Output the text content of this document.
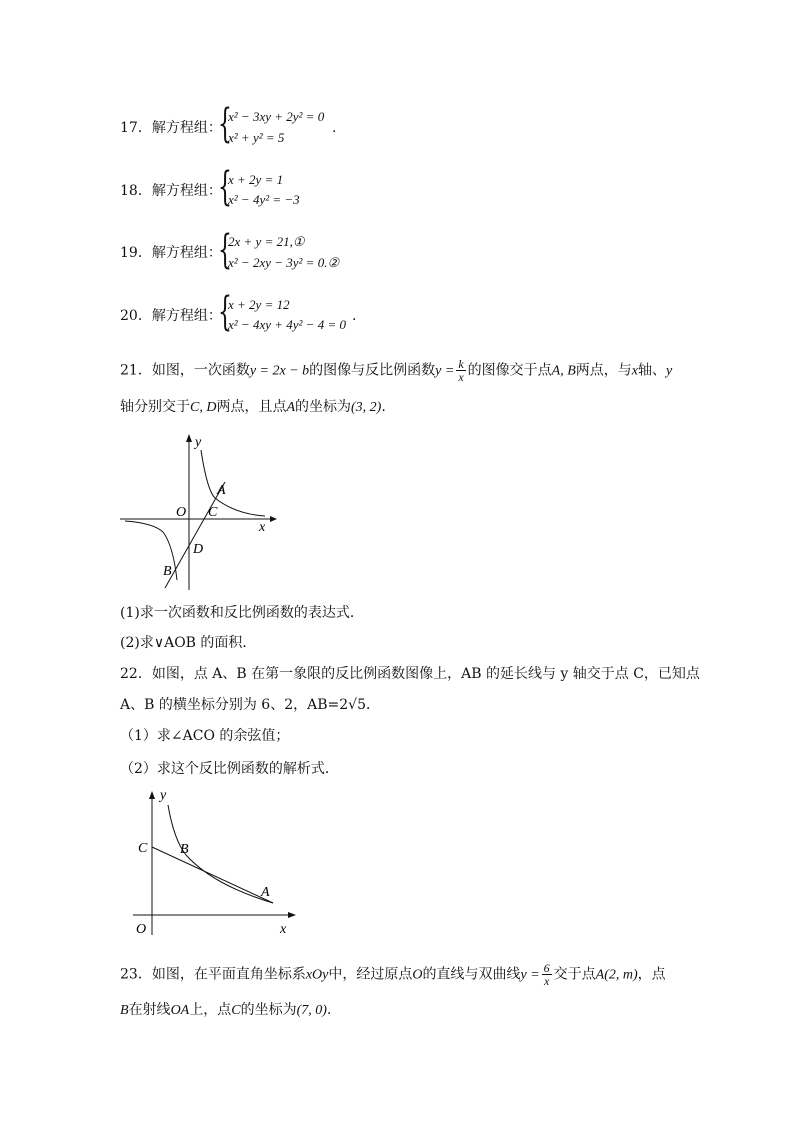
17．解方程组：
{
x² − 3xy + 2y² = 0
x² + y² = 5
.
18．解方程组：
{
x + 2y = 1
x² − 4y² = −3
19．解方程组：
{
2x + y = 21,①
x² − 2xy − 3y² = 0.②
20．解方程组：
{
x + 2y = 12
x² − 4xy + 4y² − 4 = 0
.
21．如图，一次函数y = 2x − b的图像与反比例函数$y = \frac{k}{x}$ 的图像交于点A, B两点，与x轴、y
轴分别交于C, D两点，且点A的坐标为(3, 2).
y
x
O
A
C
D
B
(1)求一次函数和反比例函数的表达式．
(2)求∨AOB 的面积．
22．如图，点 A、B 在第一象限的反比例函数图像上，AB 的延长线与 y 轴交于点 C，已知点
A、B 的横坐标分别为 6、2，AB=2√5．
（1）求∠ACO 的余弦值；
（2）求这个反比例函数的解析式．
y
x
O
C B
A
23．如图，在平面直角坐标系xOy中，经过原点O的直线与双曲线$y = \frac{6}{x}$ 交于点A(2, m)，点
B在射线OA上，点C的坐标为(7, 0).
